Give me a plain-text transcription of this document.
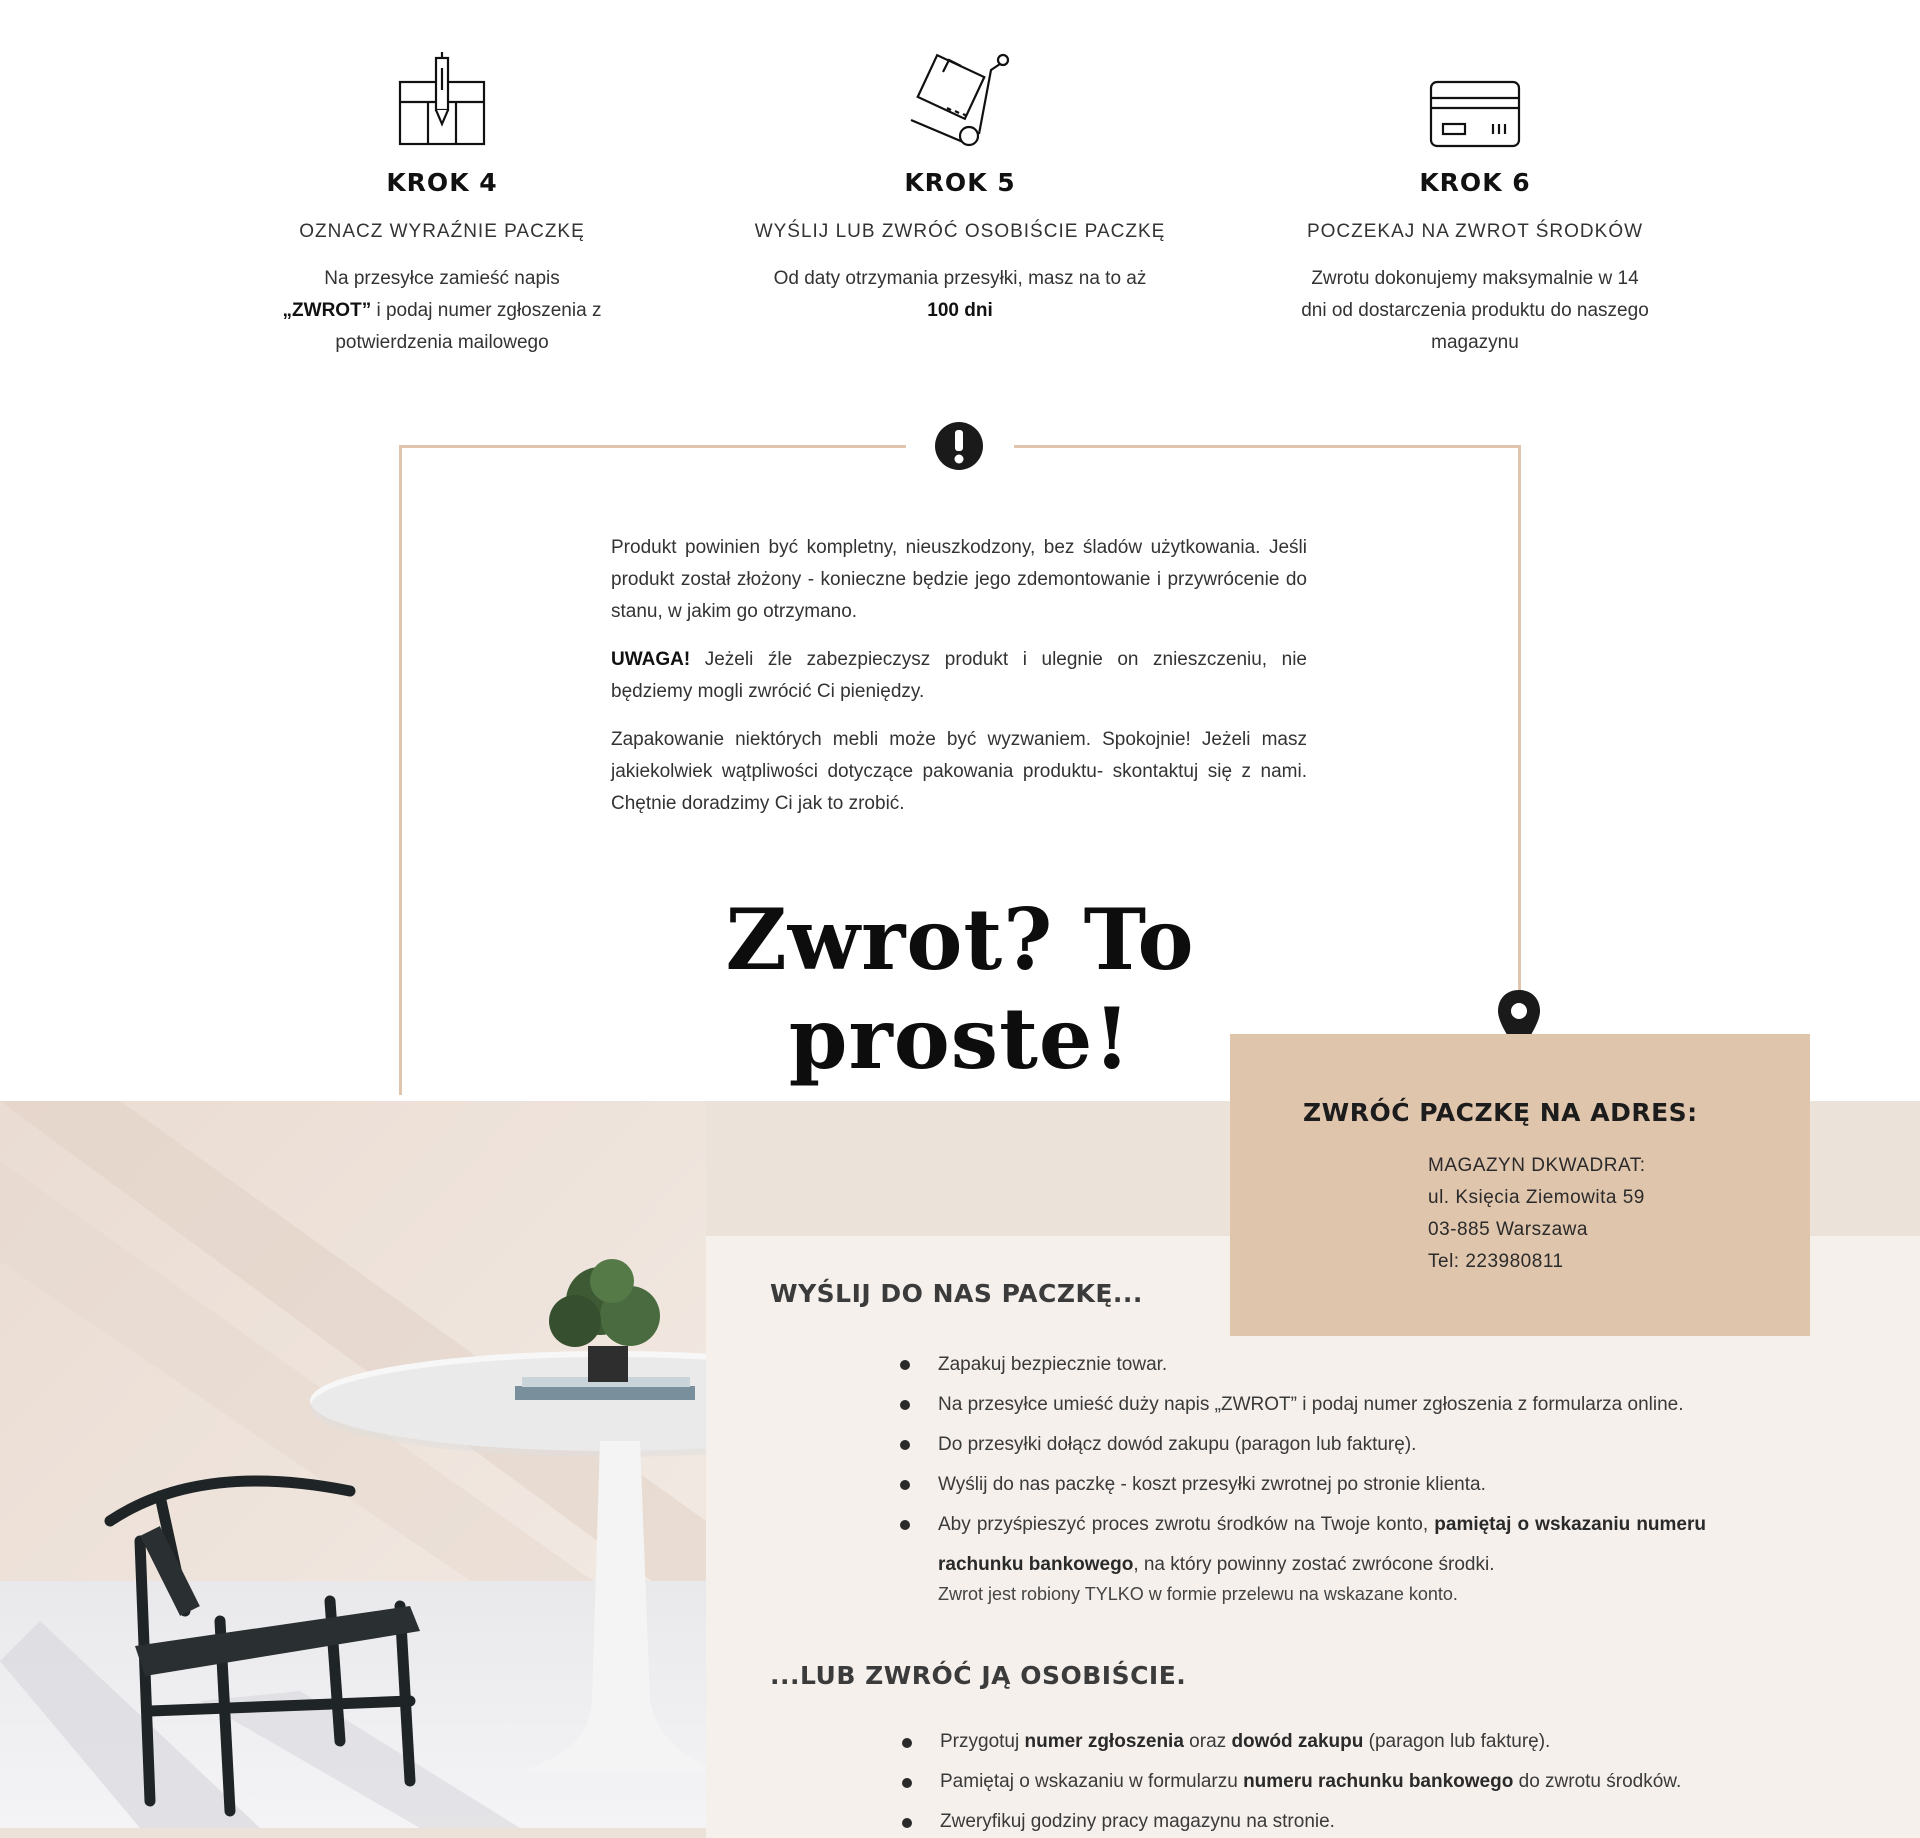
KROK 4
OZNACZ WYRAŹNIE PACZKĘ
Na przesyłce zamieść napis „ZWROT” i podaj numer zgłoszenia z potwierdzenia mailowego
KROK 5
WYŚLIJ LUB ZWRÓĆ OSOBIŚCIE PACZKĘ
Od daty otrzymania przesyłki, masz na to aż
100 dni
KROK 6
POCZEKAJ NA ZWROT ŚRODKÓW
Zwrotu dokonujemy maksymalnie w 14 dni od dostarczenia produktu do naszego magazynu

Produkt powinien być kompletny, nieuszkodzony, bez śladów użytkowania. Jeśli produkt został złożony - konieczne będzie jego zdemontowanie i przywrócenie do stanu, w jakim go otrzymano.

UWAGA! Jeżeli źle zabezpieczysz produkt i ulegnie on znieszczeniu, nie będziemy mogli zwrócić Ci pieniędzy.

Zapakowanie niektórych mebli może być wyzwaniem. Spokojnie! Jeżeli masz jakiekolwiek wątpliwości dotyczące pakowania produktu- skontaktuj się z nami. Chętnie doradzimy Ci jak to zrobić.

Zwrot? To proste!
ZWRÓĆ PACZKĘ NA ADRES:
MAGAZYN DKWADRAT:
ul. Księcia Ziemowita 59
03-885 Warszawa
Tel: 223980811
WYŚLIJ DO NAS PACZKĘ...
Zapakuj bezpiecznie towar.
Na przesyłce umieść duży napis „ZWROT” i podaj numer zgłoszenia z formularza online.
Do przesyłki dołącz dowód zakupu (paragon lub fakturę).
Wyślij do nas paczkę - koszt przesyłki zwrotnej po stronie klienta.
Aby przyśpieszyć proces zwrotu środków na Twoje konto, pamiętaj o wskazaniu numeru rachunku bankowego, na który powinny zostać zwrócone środki.
Zwrot jest robiony TYLKO w formie przelewu na wskazane konto.
...LUB ZWRÓĆ JĄ OSOBIŚCIE.
Przygotuj numer zgłoszenia oraz dowód zakupu (paragon lub fakturę).
Pamiętaj o wskazaniu w formularzu numeru rachunku bankowego do zwrotu środków.
Zweryfikuj godziny pracy magazynu na stronie.
